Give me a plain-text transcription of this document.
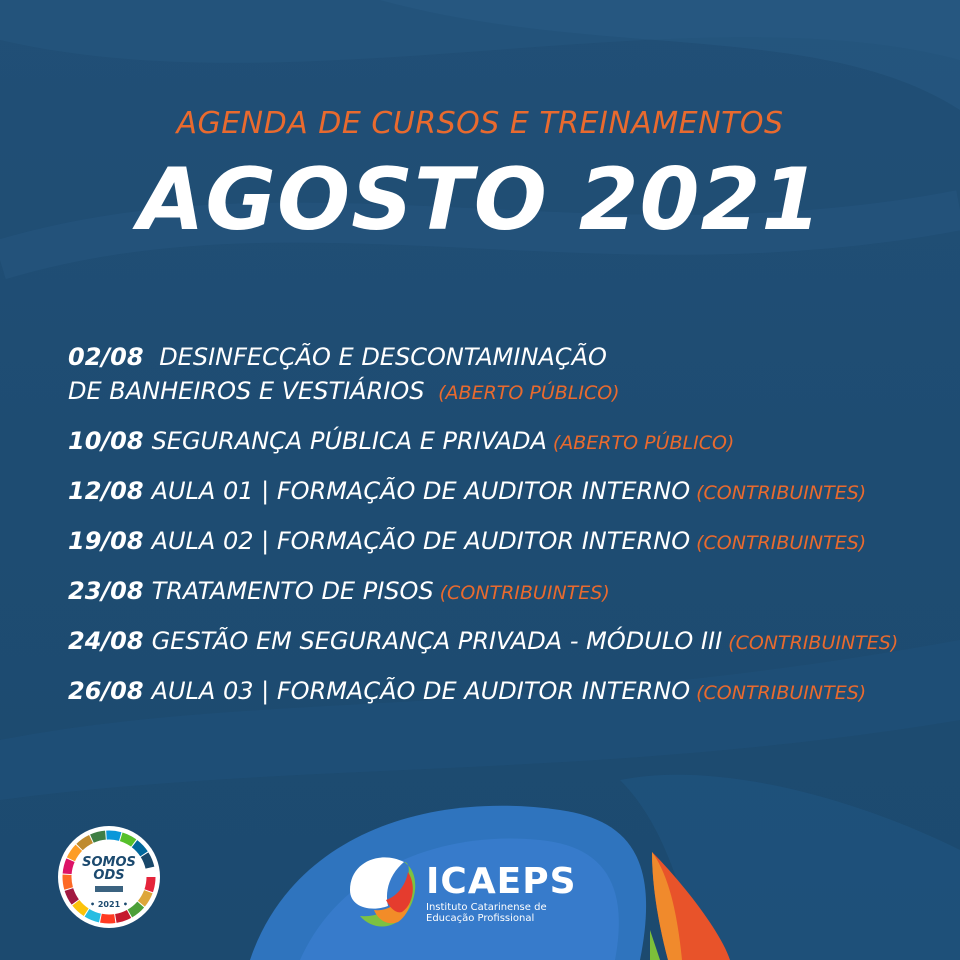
AGENDA DE CURSOS E TREINAMENTOS
AGOSTO 2021
02/08 DESINFECÇÃO E DESCONTAMINAÇÃO
DE BANHEIROS E VESTIÁRIOS (ABERTO PÚBLICO)
10/08 SEGURANÇA PÚBLICA E PRIVADA (ABERTO PÚBLICO)
12/08 AULA 01 | FORMAÇÃO DE AUDITOR INTERNO (CONTRIBUINTES)
19/08 AULA 02 | FORMAÇÃO DE AUDITOR INTERNO (CONTRIBUINTES)
23/08 TRATAMENTO DE PISOS (CONTRIBUINTES)
24/08 GESTÃO EM SEGURANÇA PRIVADA - MÓDULO III (CONTRIBUINTES)
26/08 AULA 03 | FORMAÇÃO DE AUDITOR INTERNO (CONTRIBUINTES)
SOMOS
ODS
• 2021 •
ICAEPS
Instituto Catarinense de
Educação Profissional
